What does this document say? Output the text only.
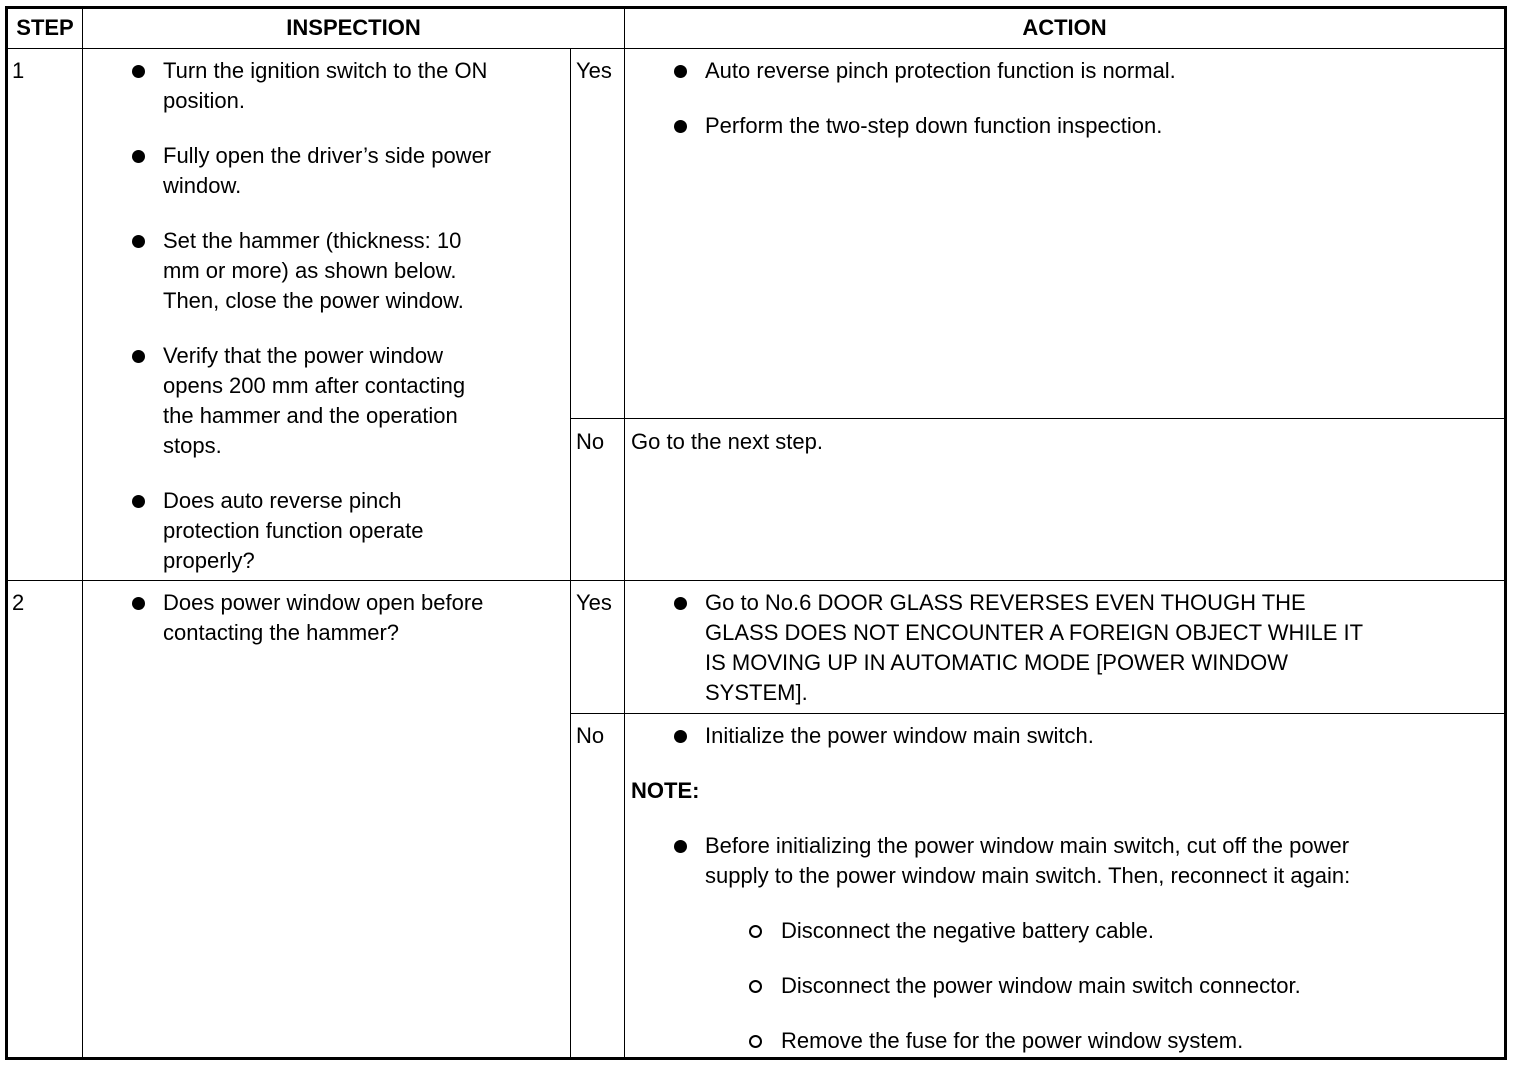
STEP	INSPECTION	ACTION
1	Turn the ignition switch to the ON
position.
Fully open the driver’s side power
window.
Set the hammer (thickness: 10
mm or more) as shown below.
Then, close the power window.
Verify that the power window
opens 200 mm after contacting
the hammer and the operation
stops.
Does auto reverse pinch
protection function operate
properly?
Yes	Auto reverse pinch protection function is normal.
Perform the two-step down function inspection.
No Go to the next step.
2	Does power window open before
contacting the hammer?
Yes	Go to No.6 DOOR GLASS REVERSES EVEN THOUGH THE
GLASS DOES NOT ENCOUNTER A FOREIGN OBJECT WHILE IT
IS MOVING UP IN AUTOMATIC MODE [POWER WINDOW
SYSTEM].
No	Initialize the power window main switch.
NOTE:
Before initializing the power window main switch, cut off the power
supply to the power window main switch. Then, reconnect it again:
Disconnect the negative battery cable.
Disconnect the power window main switch connector.
Remove the fuse for the power window system.
